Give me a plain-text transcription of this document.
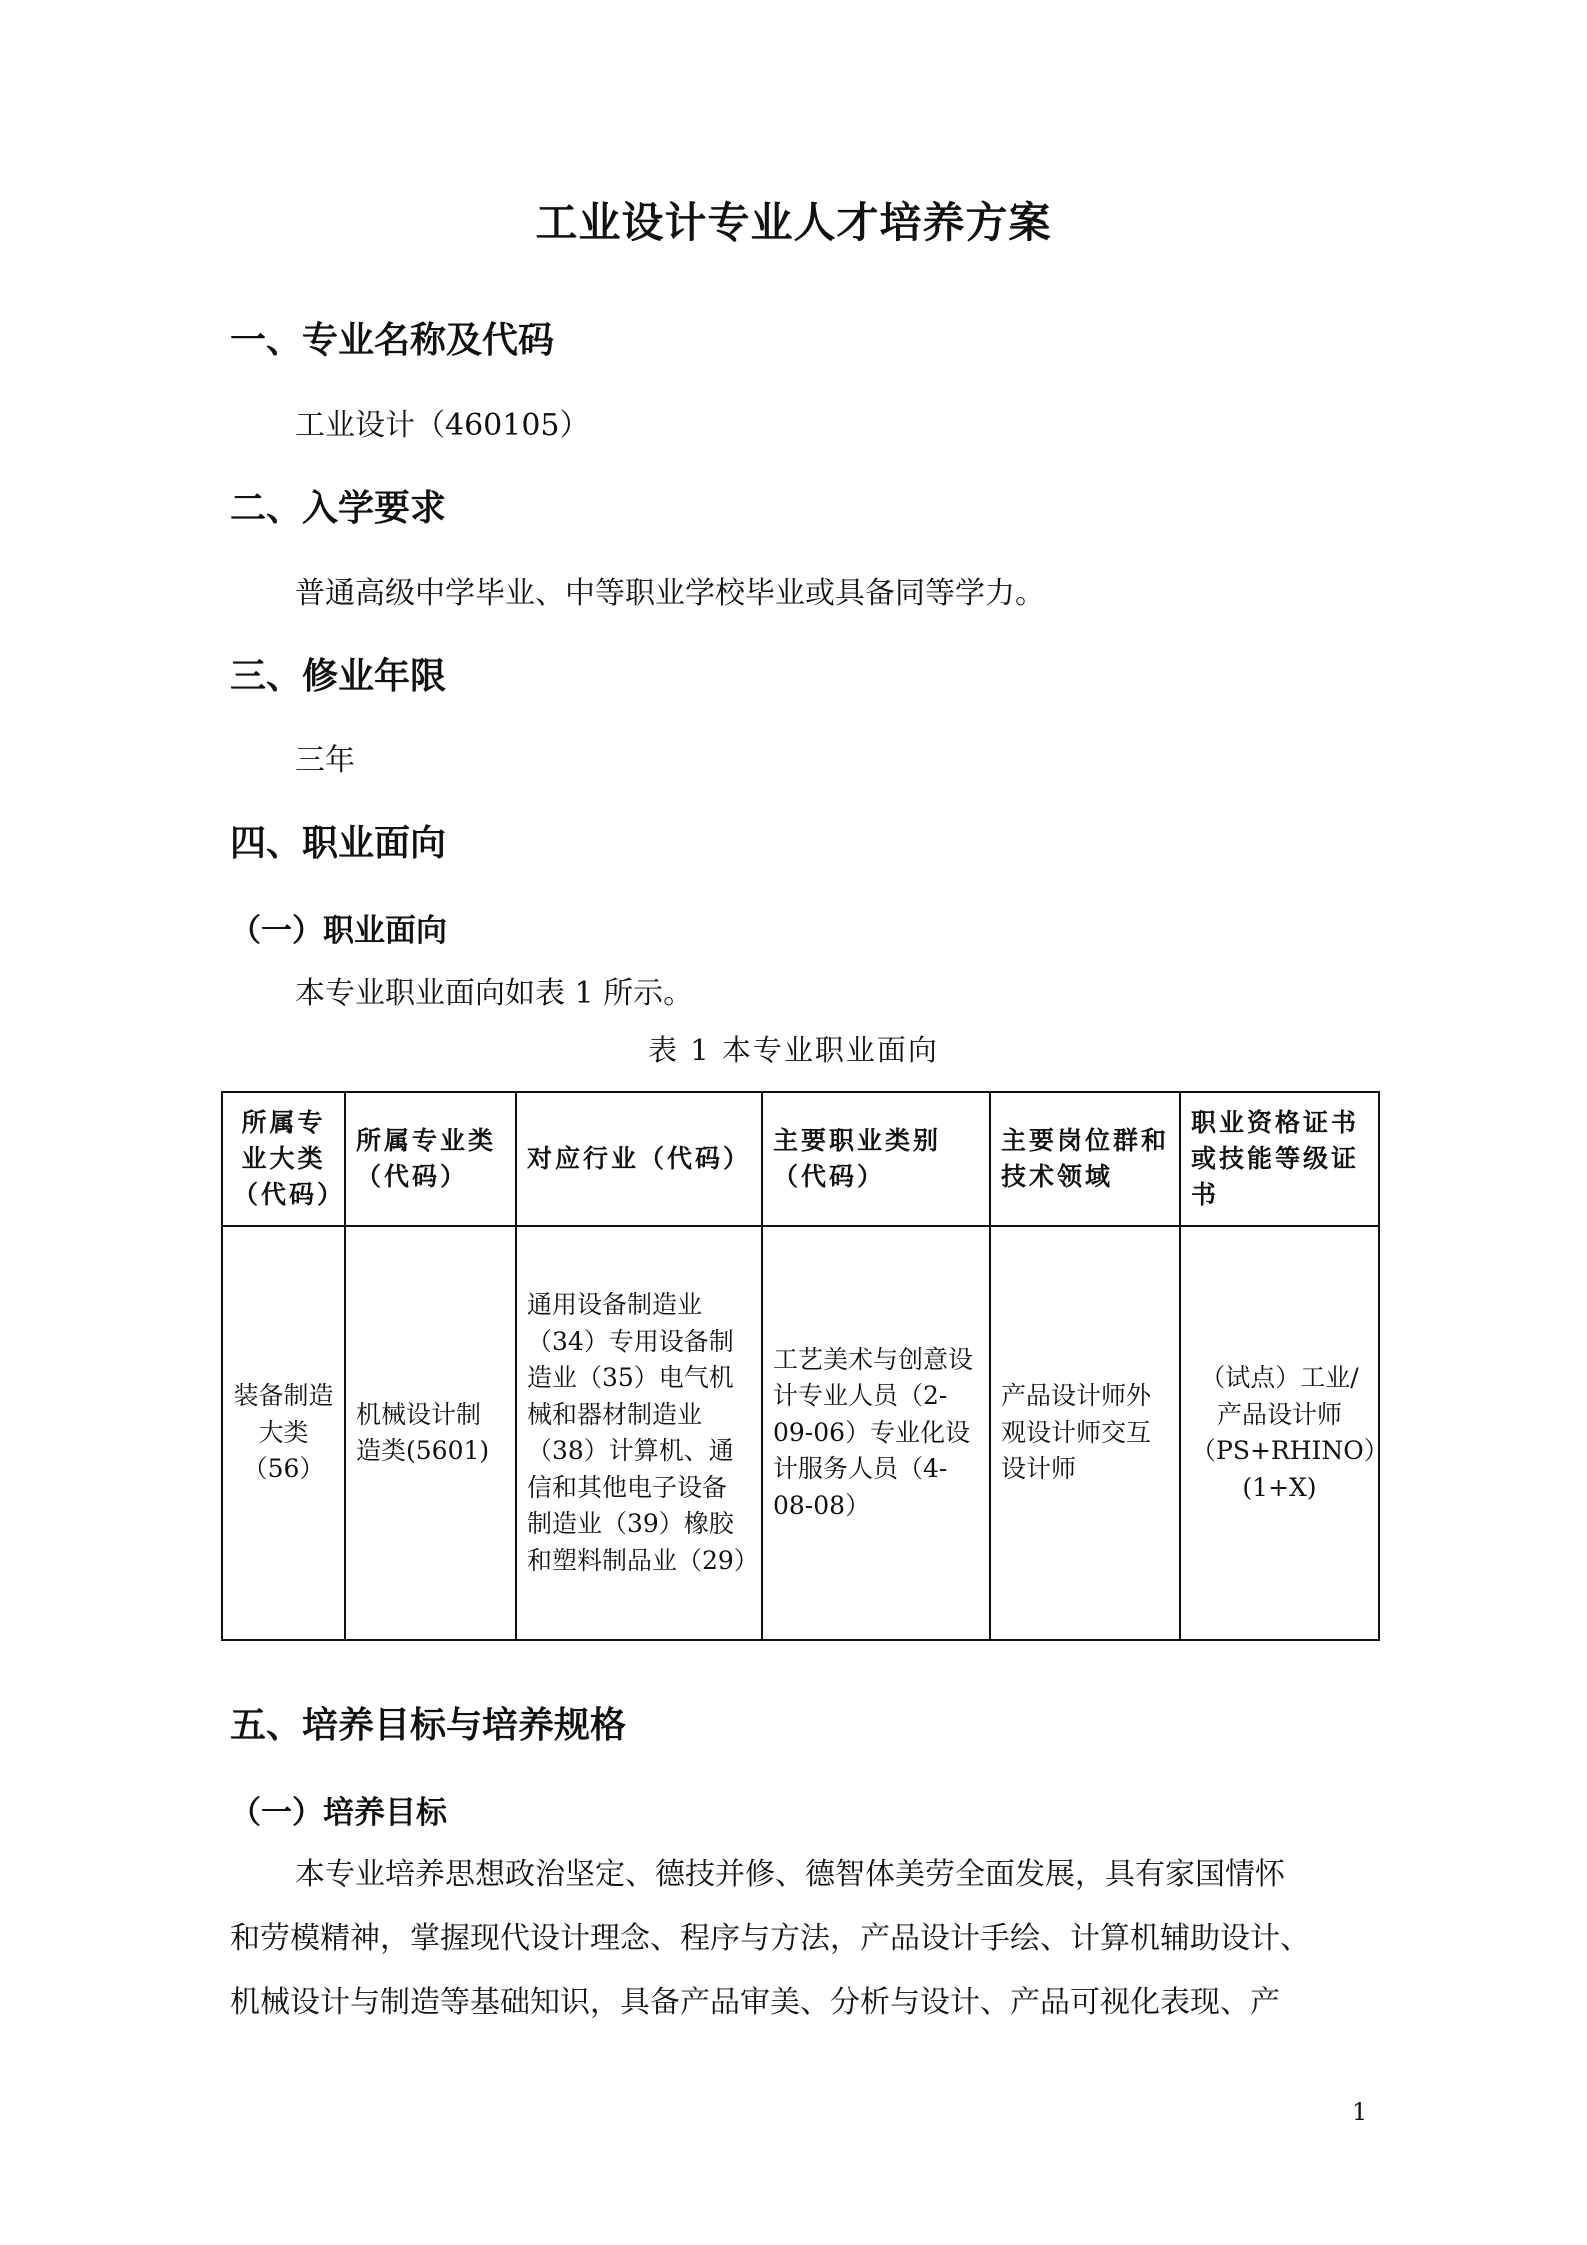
工业设计专业人才培养方案
一、专业名称及代码
工业设计（460105）
二、入学要求
普通高级中学毕业、中等职业学校毕业或具备同等学力。
三、修业年限
三年
四、职业面向
（一）职业面向
本专业职业面向如表 1 所示。
表 1 本专业职业面向
所属专业大类（代码）	所属专业类（代码）	对应行业（代码）	主要职业类别（代码）	主要岗位群和技术领域	职业资格证书或技能等级证书
装备制造大类（56）	机械设计制造类(5601)	通用设备制造业（34）专用设备制造业（35）电气机械和器材制造业（38）计算机、通信和其他电子设备制造业（39）橡胶和塑料制品业（29）	工艺美术与创意设计专业人员（2-09-06）专业化设计服务人员（4-08-08）	产品设计师外观设计师交互设计师	（试点）工业/产品设计师（PS+RHINO）(1+X)
五、培养目标与培养规格
（一）培养目标
本专业培养思想政治坚定、德技并修、德智体美劳全面发展，具有家国情怀
和劳模精神，掌握现代设计理念、程序与方法，产品设计手绘、计算机辅助设计、
机械设计与制造等基础知识，具备产品审美、分析与设计、产品可视化表现、产
1
